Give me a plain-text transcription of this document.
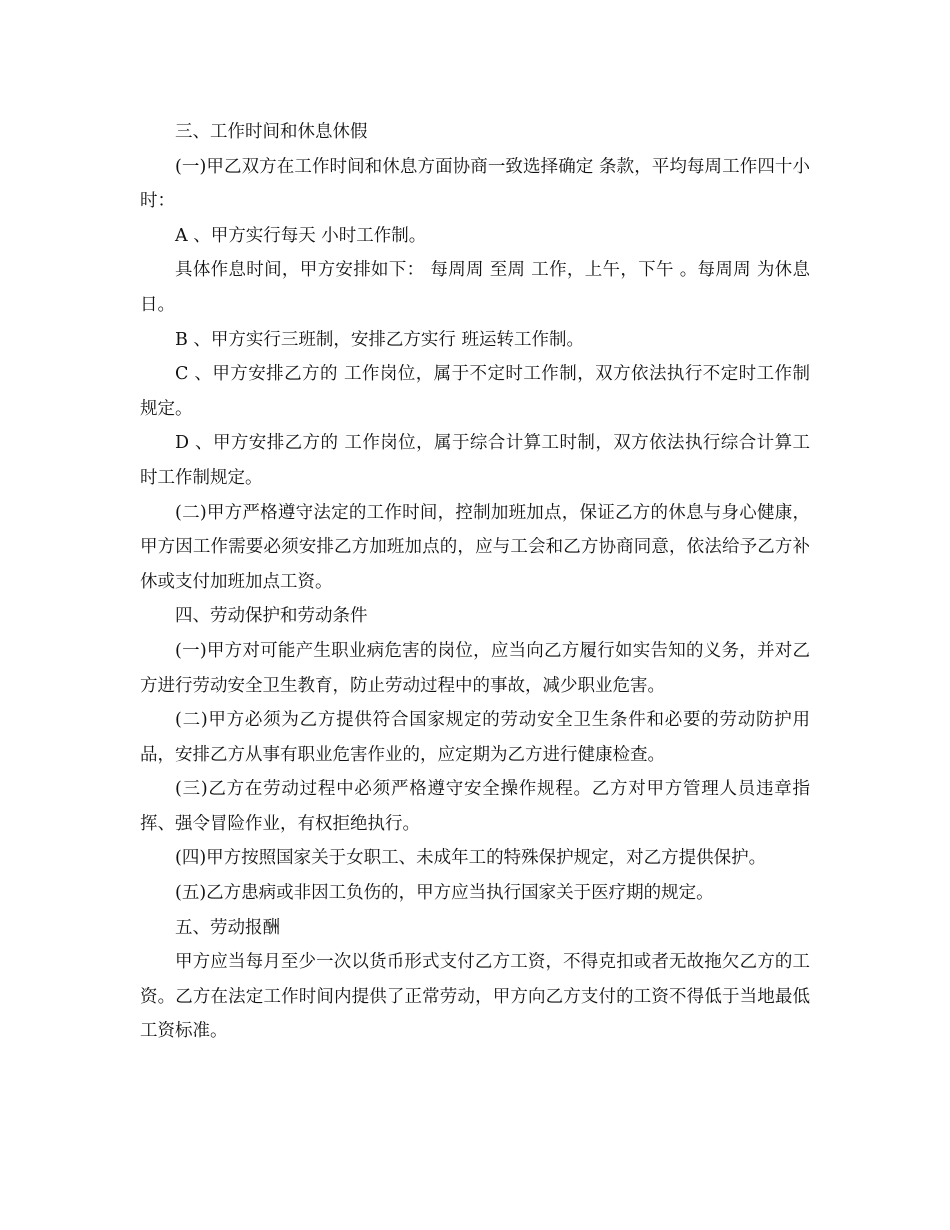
三、工作时间和休息休假

(一)甲乙双方在工作时间和休息方面协商一致选择确定 条款，平均每周工作四十小时：

A 、甲方实行每天 小时工作制。

具体作息时间，甲方安排如下： 每周周 至周 工作，上午，下午 。每周周 为休息日。

B 、甲方实行三班制，安排乙方实行 班运转工作制。

C 、甲方安排乙方的 工作岗位，属于不定时工作制，双方依法执行不定时工作制规定。

D 、甲方安排乙方的 工作岗位，属于综合计算工时制，双方依法执行综合计算工时工作制规定。

(二)甲方严格遵守法定的工作时间，控制加班加点，保证乙方的休息与身心健康，甲方因工作需要必须安排乙方加班加点的，应与工会和乙方协商同意，依法给予乙方补休或支付加班加点工资。

四、劳动保护和劳动条件

(一)甲方对可能产生职业病危害的岗位，应当向乙方履行如实告知的义务，并对乙方进行劳动安全卫生教育，防止劳动过程中的事故，减少职业危害。

(二)甲方必须为乙方提供符合国家规定的劳动安全卫生条件和必要的劳动防护用品，安排乙方从事有职业危害作业的，应定期为乙方进行健康检查。

(三)乙方在劳动过程中必须严格遵守安全操作规程。乙方对甲方管理人员违章指挥、强令冒险作业，有权拒绝执行。

(四)甲方按照国家关于女职工、未成年工的特殊保护规定，对乙方提供保护。

(五)乙方患病或非因工负伤的，甲方应当执行国家关于医疗期的规定。

五、劳动报酬

甲方应当每月至少一次以货币形式支付乙方工资，不得克扣或者无故拖欠乙方的工资。乙方在法定工作时间内提供了正常劳动，甲方向乙方支付的工资不得低于当地最低工资标准。
